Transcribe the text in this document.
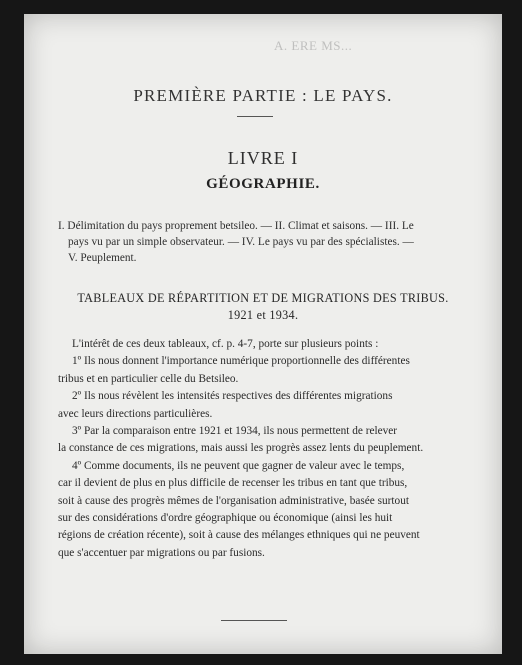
A. ERE MS...
PREMIÈRE PARTIE : LE PAYS.
LIVRE I
GÉOGRAPHIE.
I. Délimitation du pays proprement betsileo. — II. Climat et saisons. — III. Le
pays vu par un simple observateur. — IV. Le pays vu par des spécialistes. —
V. Peuplement.
TABLEAUX DE RÉPARTITION ET DE MIGRATIONS DES TRIBUS.
1921 et 1934.
L'intérêt de ces deux tableaux, cf. p. 4-7, porte sur plusieurs points :
1º Ils nous donnent l'importance numérique proportionnelle des différentes
tribus et en particulier celle du Betsileo.
2º Ils nous révèlent les intensités respectives des différentes migrations
avec leurs directions particulières.
3º Par la comparaison entre 1921 et 1934, ils nous permettent de relever
la constance de ces migrations, mais aussi les progrès assez lents du peuplement.
4º Comme documents, ils ne peuvent que gagner de valeur avec le temps,
car il devient de plus en plus difficile de recenser les tribus en tant que tribus,
soit à cause des progrès mêmes de l'organisation administrative, basée surtout
sur des considérations d'ordre géographique ou économique (ainsi les huit
régions de création récente), soit à cause des mélanges ethniques qui ne peuvent
que s'accentuer par migrations ou par fusions.
